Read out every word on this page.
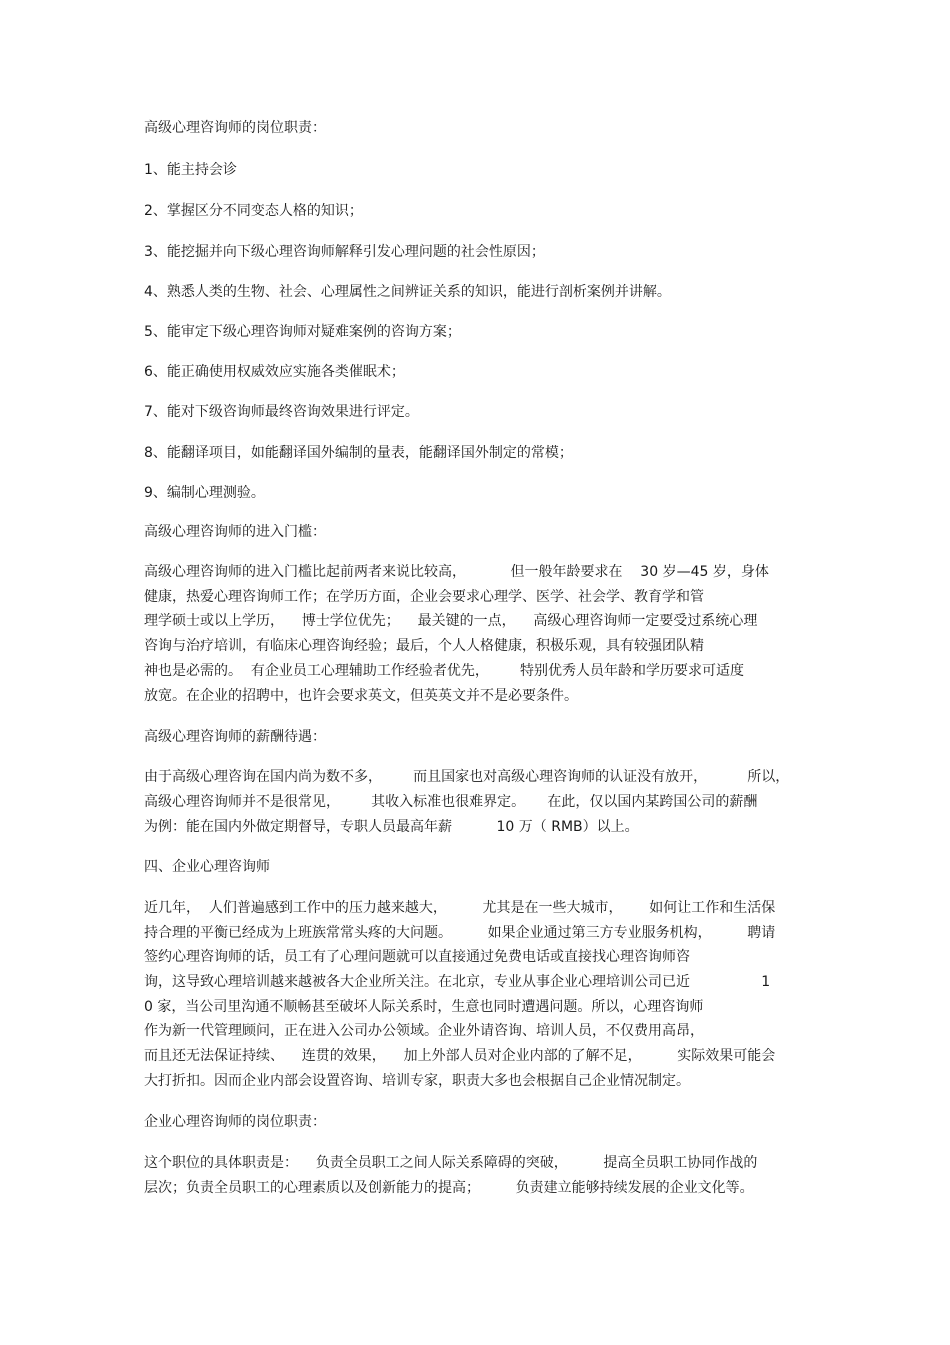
高级心理咨询师的岗位职责：
1、能主持会诊
2、掌握区分不同变态人格的知识；
3、能挖掘并向下级心理咨询师解释引发心理问题的社会性原因；
4、熟悉人类的生物、社会、心理属性之间辨证关系的知识，能进行剖析案例并讲解。
5、能审定下级心理咨询师对疑难案例的咨询方案；
6、能正确使用权威效应实施各类催眠术；
7、能对下级咨询师最终咨询效果进行评定。
8、能翻译项目，如能翻译国外编制的量表，能翻译国外制定的常模；
9、编制心理测验。
高级心理咨询师的进入门槛：
高级心理咨询师的进入门槛比起前两者来说比较高，          但一般年龄要求在    30 岁—45 岁，身体
健康，热爱心理咨询师工作；在学历方面，企业会要求心理学、医学、社会学、教育学和管
理学硕士或以上学历，    博士学位优先；    最关键的一点，    高级心理咨询师一定要受过系统心理
咨询与治疗培训，有临床心理咨询经验；最后，个人人格健康，积极乐观，具有较强团队精
神也是必需的。  有企业员工心理辅助工作经验者优先，       特别优秀人员年龄和学历要求可适度
放宽。在企业的招聘中，也许会要求英文，但英英文并不是必要条件。
高级心理咨询师的薪酬待遇：
由于高级心理咨询在国内尚为数不多，       而且国家也对高级心理咨询师的认证没有放开，         所以，
高级心理咨询师并不是很常见，       其收入标准也很难界定。     在此，仅以国内某跨国公司的薪酬
为例：能在国内外做定期督导，专职人员最高年薪          10 万（ RMB）以上。
四、企业心理咨询师
近几年，  人们普遍感到工作中的压力越来越大，        尤其是在一些大城市，      如何让工作和生活保
持合理的平衡已经成为上班族常常头疼的大问题。        如果企业通过第三方专业服务机构，        聘请
签约心理咨询师的话，员工有了心理问题就可以直接通过免费电话或直接找心理咨询师咨
询，这导致心理培训越来越被各大企业所关注。在北京，专业从事企业心理培训公司已近                1
0 家，当公司里沟通不顺畅甚至破坏人际关系时，生意也同时遭遇问题。所以，心理咨询师
作为新一代管理顾问，正在进入公司办公领域。企业外请咨询、培训人员，不仅费用高昂，
而且还无法保证持续、    连贯的效果，    加上外部人员对企业内部的了解不足，        实际效果可能会
大打折扣。因而企业内部会设置咨询、培训专家，职责大多也会根据自己企业情况制定。
企业心理咨询师的岗位职责：
这个职位的具体职责是：    负责全员职工之间人际关系障碍的突破，        提高全员职工协同作战的
层次；负责全员职工的心理素质以及创新能力的提高；        负责建立能够持续发展的企业文化等。
